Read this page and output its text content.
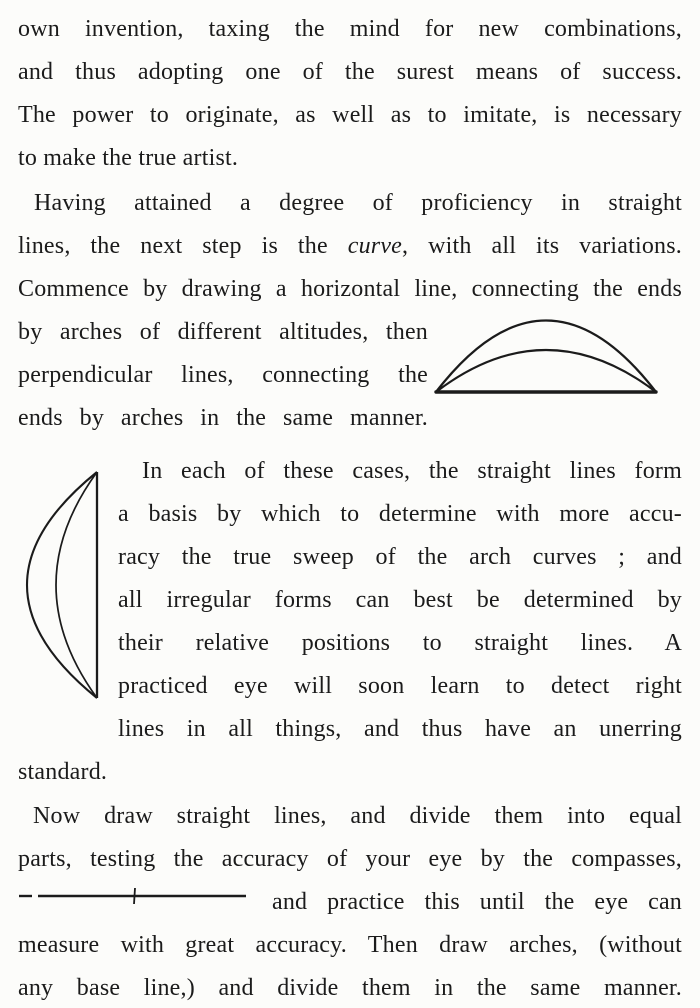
own invention, taxing the mind for new combinations,
and thus adopting one of the surest means of success.
The power to originate, as well as to imitate, is necessary
to make the true artist.
Having attained a degree of proficiency in straight
lines, the next step is the curve, with all its variations.
Commence by drawing a horizontal line, connecting the ends
by arches of different altitudes, then
perpendicular lines, connecting the
ends by arches in the same manner.
In each of these cases, the straight lines form
a basis by which to determine with more accu-
racy the true sweep of the arch curves ; and
all irregular forms can best be determined by
their relative positions to straight lines. A
practiced eye will soon learn to detect right
lines in all things, and thus have an unerring
standard.
Now draw straight lines, and divide them into equal
parts, testing the accuracy of your eye by the compasses,
and practice this until the eye can
measure with great accuracy. Then draw arches, (without
any base line,) and divide them in the same manner.
